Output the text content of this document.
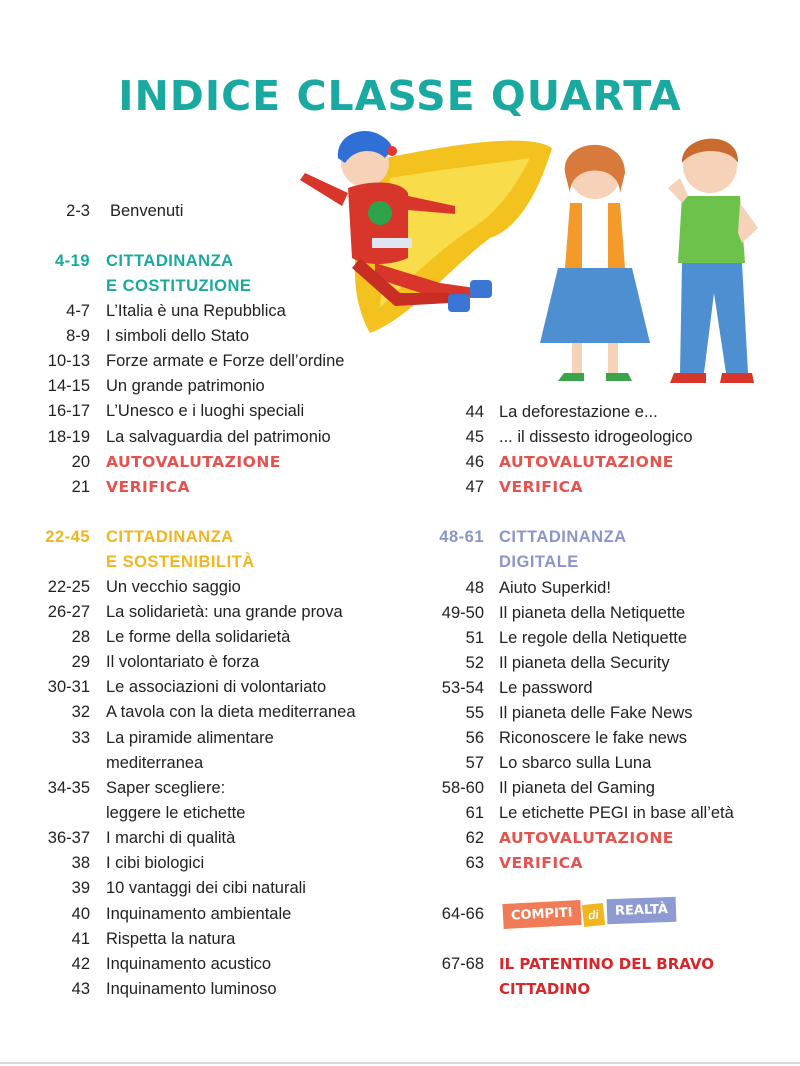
INDICE CLASSE QUARTA
2-3 Benvenuti
4-19 CITTADINANZA
E COSTITUZIONE
4-7 L’Italia è una Repubblica
8-9 I simboli dello Stato
10-13 Forze armate e Forze dell’ordine
14-15 Un grande patrimonio
16-17 L’Unesco e i luoghi speciali
18-19 La salvaguardia del patrimonio
20 AUTOVALUTAZIONE
21 VERIFICA
22-45 CITTADINANZA
E SOSTENIBILITÀ
22-25 Un vecchio saggio
26-27 La solidarietà: una grande prova
28 Le forme della solidarietà
29 Il volontariato è forza
30-31 Le associazioni di volontariato
32 A tavola con la dieta mediterranea
33 La piramide alimentare
mediterranea
34-35 Saper scegliere:
leggere le etichette
36-37 I marchi di qualità
38 I cibi biologici
39 10 vantaggi dei cibi naturali
40 Inquinamento ambientale
41 Rispetta la natura
42 Inquinamento acustico
43 Inquinamento luminoso
44 La deforestazione e...
45 ... il dissesto idrogeologico
46 AUTOVALUTAZIONE
47 VERIFICA
48-61 CITTADINANZA
DIGITALE
48 Aiuto Superkid!
49-50 Il pianeta della Netiquette
51 Le regole della Netiquette
52 Il pianeta della Security
53-54 Le password
55 Il pianeta delle Fake News
56 Riconoscere le fake news
57 Lo sbarco sulla Luna
58-60 Il pianeta del Gaming
61 Le etichette PEGI in base all’età
62 AUTOVALUTAZIONE
63 VERIFICA
64-66
67-68 IL PATENTINO DEL BRAVO
CITTADINO
COMPITI	di	REALTÀ
